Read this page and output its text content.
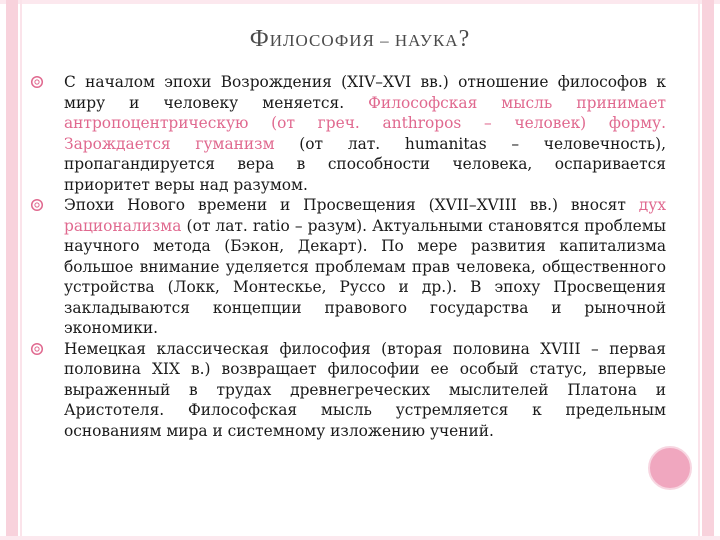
ФИЛОСОФИЯ – НАУКА?
С началом эпохи Возрождения (XIV–XVI вв.) отношение философов к миру и человеку меняется. Философская мысль принимает антропоцентрическую (от греч. anthropos – человек) форму. Зарождается гуманизм (от лат. humanitas – человечность), пропагандируется вера в способности человека, оспаривается приоритет веры над разумом.
Эпохи Нового времени и Просвещения (XVII–XVIII вв.) вносят дух рационализма (от лат. ratio – разум). Актуальными становятся проблемы научного метода (Бэкон, Декарт). По мере развития капитализма большое внимание уделяется проблемам прав человека, общественного устройства (Локк, Монтескье, Руссо и др.). В эпоху Просвещения закладываются концепции правового государства и рыночной экономики.
Немецкая классическая философия (вторая половина XVIII – первая половина XIX в.) возвращает философии ее особый статус, впервые выраженный в трудах древнегреческих мыслителей Платона и Аристотеля. Философская мысль устремляется к предельным основаниям мира и системному изложению учений.
